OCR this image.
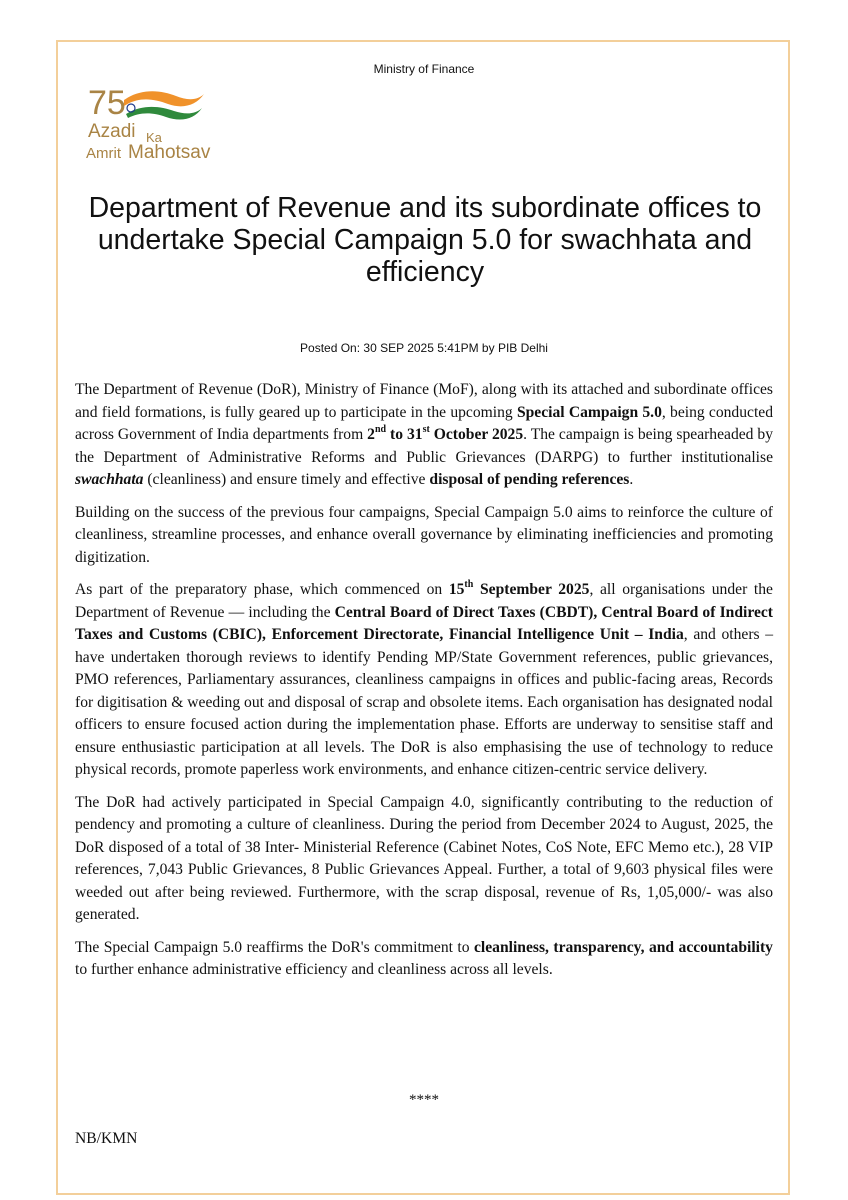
Ministry of Finance
75
Azadi Ka
Amrit Mahotsav
Department of Revenue and its subordinate offices to undertake Special Campaign 5.0 for swachhata and efficiency
Posted On: 30 SEP 2025 5:41PM by PIB Delhi

The Department of Revenue (DoR), Ministry of Finance (MoF), along with its attached and subordinate offices and field formations, is fully geared up to participate in the upcoming Special Campaign 5.0, being conducted across Government of India departments from 2nd to 31st October 2025. The campaign is being spearheaded by the Department of Administrative Reforms and Public Grievances (DARPG) to further institutionalise swachhata (cleanliness) and ensure timely and effective disposal of pending references.

Building on the success of the previous four campaigns, Special Campaign 5.0 aims to reinforce the culture of cleanliness, streamline processes, and enhance overall governance by eliminating inefficiencies and promoting digitization.

As part of the preparatory phase, which commenced on 15th September 2025, all organisations under the Department of Revenue — including the Central Board of Direct Taxes (CBDT), Central Board of Indirect Taxes and Customs (CBIC), Enforcement Directorate, Financial Intelligence Unit – India, and others – have undertaken thorough reviews to identify Pending MP/State Government references, public grievances, PMO references, Parliamentary assurances, cleanliness campaigns in offices and public-facing areas, Records for digitisation & weeding out and disposal of scrap and obsolete items. Each organisation has designated nodal officers to ensure focused action during the implementation phase. Efforts are underway to sensitise staff and ensure enthusiastic participation at all levels. The DoR is also emphasising the use of technology to reduce physical records, promote paperless work environments, and enhance citizen-centric service delivery.

The DoR had actively participated in Special Campaign 4.0, significantly contributing to the reduction of pendency and promoting a culture of cleanliness. During the period from December 2024 to August, 2025, the DoR disposed of a total of 38 Inter- Ministerial Reference (Cabinet Notes, CoS Note, EFC Memo etc.), 28 VIP references, 7,043 Public Grievances, 8 Public Grievances Appeal. Further, a total of 9,603 physical files were weeded out after being reviewed. Furthermore, with the scrap disposal, revenue of Rs, 1,05,000/- was also generated.

The Special Campaign 5.0 reaffirms the DoR's commitment to cleanliness, transparency, and accountability to further enhance administrative efficiency and cleanliness across all levels.

****
NB/KMN
